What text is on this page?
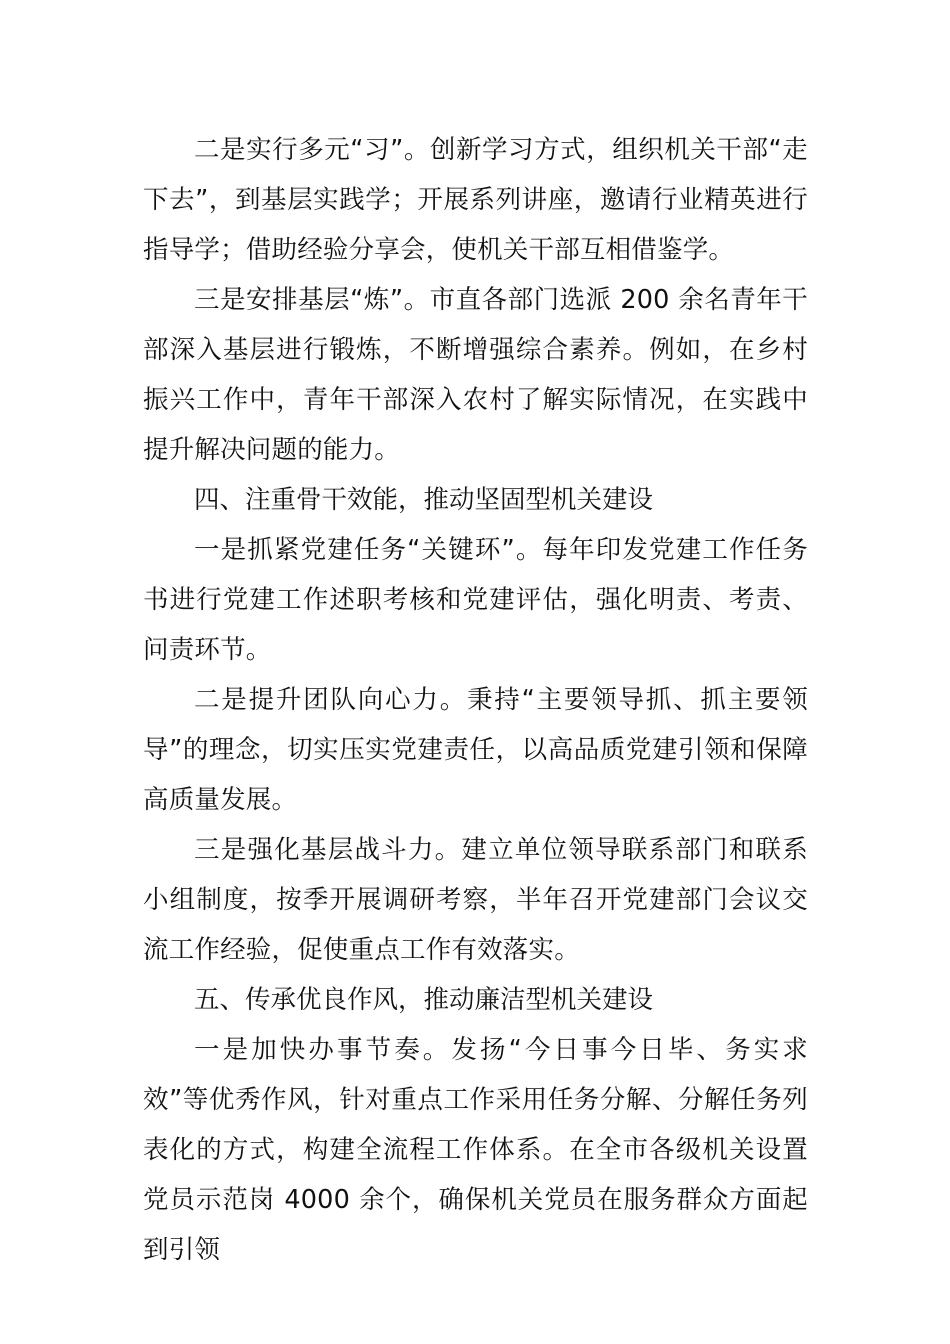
二是实行多元“习”。创新学习方式，组织机关干部“走下去”，到基层实践学；开展系列讲座，邀请行业精英进行指导学；借助经验分享会，使机关干部互相借鉴学。

三是安排基层“炼”。市直各部门选派 200 余名青年干部深入基层进行锻炼，不断增强综合素养。例如，在乡村振兴工作中，青年干部深入农村了解实际情况，在实践中提升解决问题的能力。

四、注重骨干效能，推动坚固型机关建设

一是抓紧党建任务“关键环”。每年印发党建工作任务书进行党建工作述职考核和党建评估，强化明责、考责、问责环节。

二是提升团队向心力。秉持“主要领导抓、抓主要领导”的理念，切实压实党建责任，以高品质党建引领和保障高质量发展。

三是强化基层战斗力。建立单位领导联系部门和联系小组制度，按季开展调研考察，半年召开党建部门会议交流工作经验，促使重点工作有效落实。

五、传承优良作风，推动廉洁型机关建设

一是加快办事节奏。发扬“今日事今日毕、务实求效”等优秀作风，针对重点工作采用任务分解、分解任务列表化的方式，构建全流程工作体系。在全市各级机关设置党员示范岗 4000 余个，确保机关党员在服务群众方面起到引领
